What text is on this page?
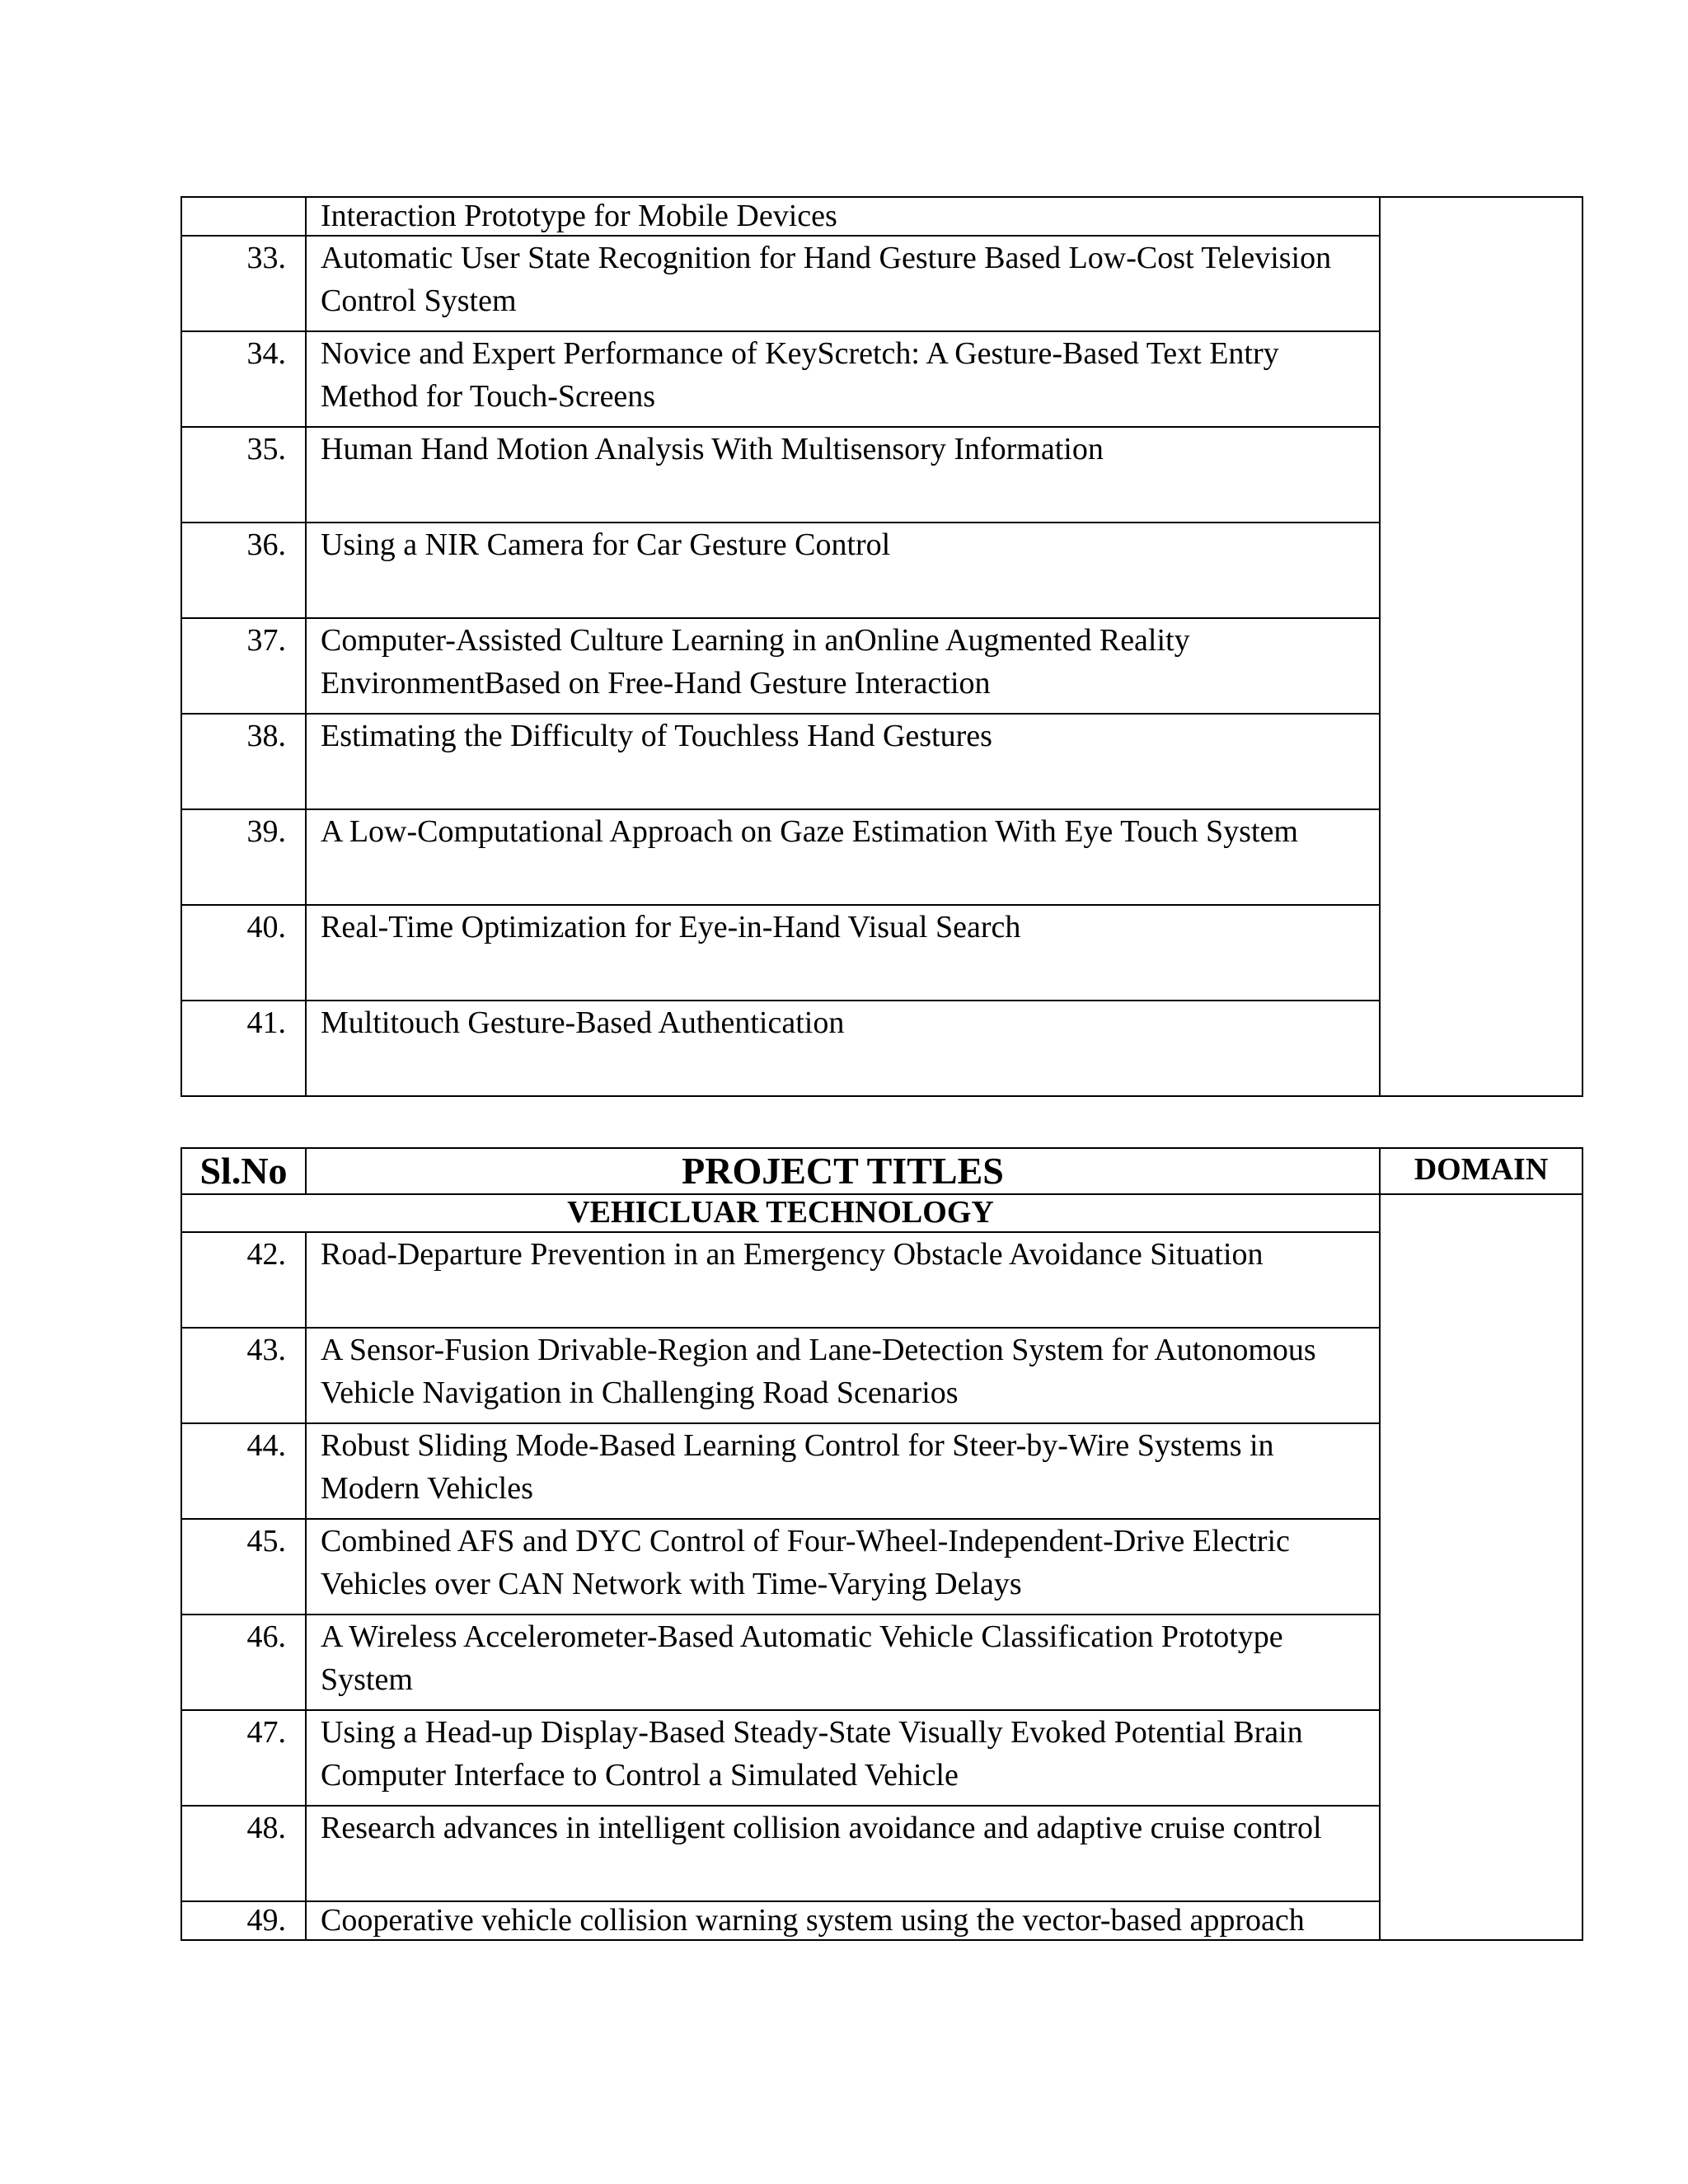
	Interaction Prototype for Mobile Devices	
33.	Automatic User State Recognition for Hand Gesture Based Low-Cost Television Control System	
34.	Novice and Expert Performance of KeyScretch: A Gesture-Based Text Entry Method for Touch-Screens	
35.	Human Hand Motion Analysis With Multisensory Information	
36.	Using a NIR Camera for Car Gesture Control	
37.	Computer-Assisted Culture Learning in anOnline Augmented Reality EnvironmentBased on Free-Hand Gesture Interaction	
38.	Estimating the Difficulty of Touchless Hand Gestures	
39.	A Low-Computational Approach on Gaze Estimation With Eye Touch System	
40.	Real-Time Optimization for Eye-in-Hand Visual Search	
41.	Multitouch Gesture-Based Authentication	
Sl.No	PROJECT TITLES	DOMAIN
VEHICLUAR TECHNOLOGY		
42.	Road-Departure Prevention in an Emergency Obstacle Avoidance Situation	
43.	A Sensor-Fusion Drivable-Region and Lane-Detection System for Autonomous Vehicle Navigation in Challenging Road Scenarios	
44.	Robust Sliding Mode-Based Learning Control for Steer-by-Wire Systems in Modern Vehicles	
45.	Combined AFS and DYC Control of Four-Wheel-Independent-Drive Electric Vehicles over CAN Network with Time-Varying Delays	
46.	A Wireless Accelerometer-Based Automatic Vehicle Classification Prototype System	
47.	Using a Head-up Display-Based Steady-State Visually Evoked Potential Brain Computer Interface to Control a Simulated Vehicle	
48.	Research advances in intelligent collision avoidance and adaptive cruise control	
49.	Cooperative vehicle collision warning system using the vector-based approach	
